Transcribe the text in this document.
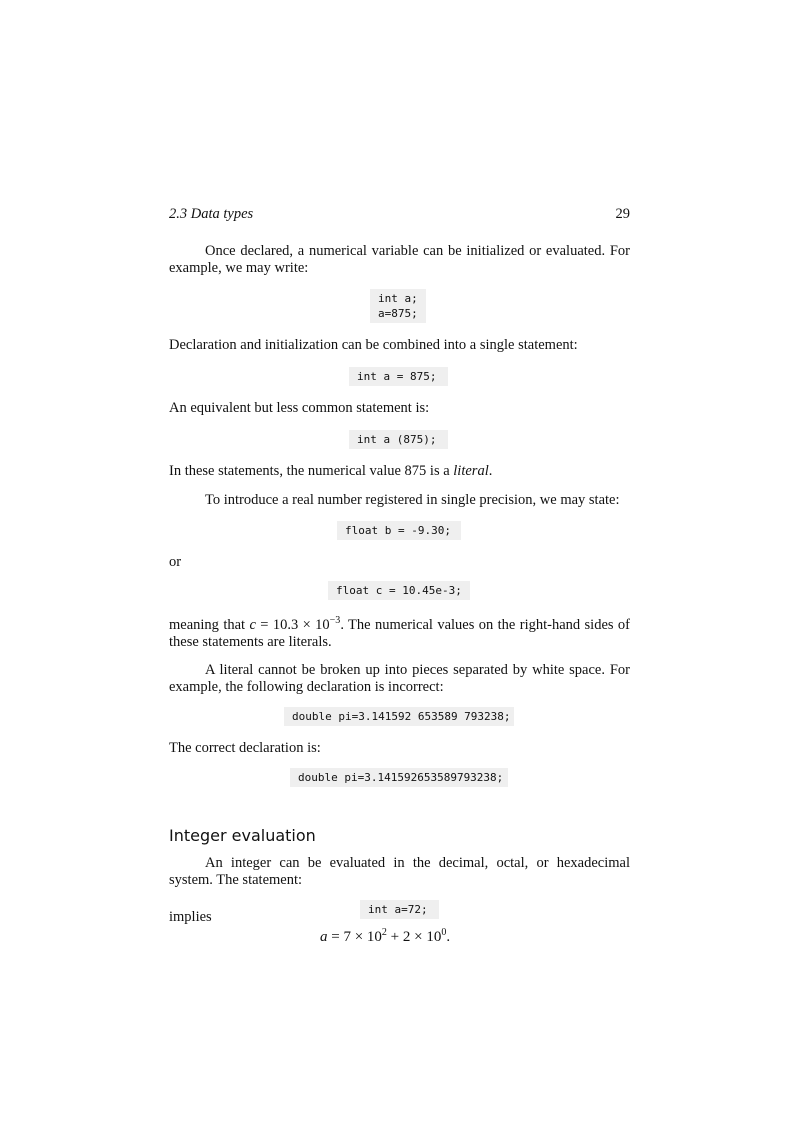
2.3 Data types	29
Once declared, a numerical variable can be initialized or evaluated. For example, we may write:
int a;
a=875;
Declaration and initialization can be combined into a single statement:
int a = 875;
An equivalent but less common statement is:
int a (875);
In these statements, the numerical value 875 is a literal.
To introduce a real number registered in single precision, we may state:
float b = -9.30;
or
float c = 10.45e-3;
meaning that $c = 10.3 \times 10^{-3}$. The numerical values on the right-hand sides of these statements are literals.
A literal cannot be broken up into pieces separated by white space. For example, the following declaration is incorrect:
double pi=3.141592 653589 793238;
The correct declaration is:
double pi=3.141592653589793238;
Integer evaluation
An integer can be evaluated in the decimal, octal, or hexadecimal system. The statement:
int a=72;
implies
$a = 7 \times 10^2 + 2 \times 10^0$.
